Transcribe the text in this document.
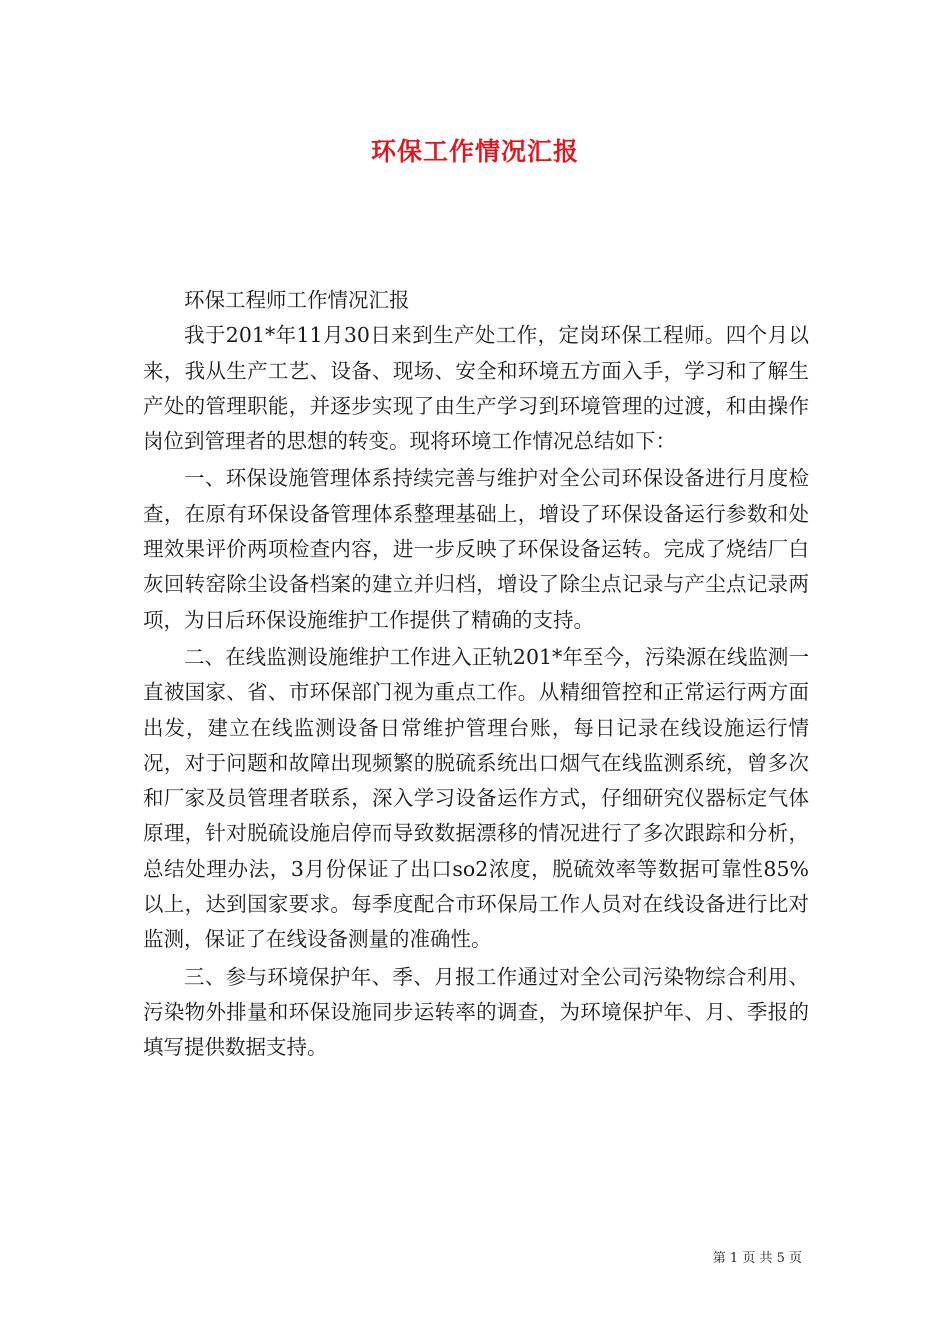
环保工作情况汇报

环保工程师工作情况汇报

我于201*年11月30日来到生产处工作，定岗环保工程师。四个月以来，我从生产工艺、设备、现场、安全和环境五方面入手，学习和了解生产处的管理职能，并逐步实现了由生产学习到环境管理的过渡，和由操作岗位到管理者的思想的转变。现将环境工作情况总结如下：

一、环保设施管理体系持续完善与维护对全公司环保设备进行月度检查，在原有环保设备管理体系整理基础上，增设了环保设备运行参数和处理效果评价两项检查内容，进一步反映了环保设备运转。完成了烧结厂白灰回转窑除尘设备档案的建立并归档，增设了除尘点记录与产尘点记录两项，为日后环保设施维护工作提供了精确的支持。

二、在线监测设施维护工作进入正轨201*年至今，污染源在线监测一直被国家、省、市环保部门视为重点工作。从精细管控和正常运行两方面出发，建立在线监测设备日常维护管理台账，每日记录在线设施运行情况，对于问题和故障出现频繁的脱硫系统出口烟气在线监测系统，曾多次和厂家及员管理者联系，深入学习设备运作方式，仔细研究仪器标定气体原理，针对脱硫设施启停而导致数据漂移的情况进行了多次跟踪和分析，总结处理办法，3月份保证了出口so2浓度，脱硫效率等数据可靠性85%以上，达到国家要求。每季度配合市环保局工作人员对在线设备进行比对监测，保证了在线设备测量的准确性。

三、参与环境保护年、季、月报工作通过对全公司污染物综合利用、污染物外排量和环保设施同步运转率的调查，为环境保护年、月、季报的填写提供数据支持。

第 1 页 共 5 页
